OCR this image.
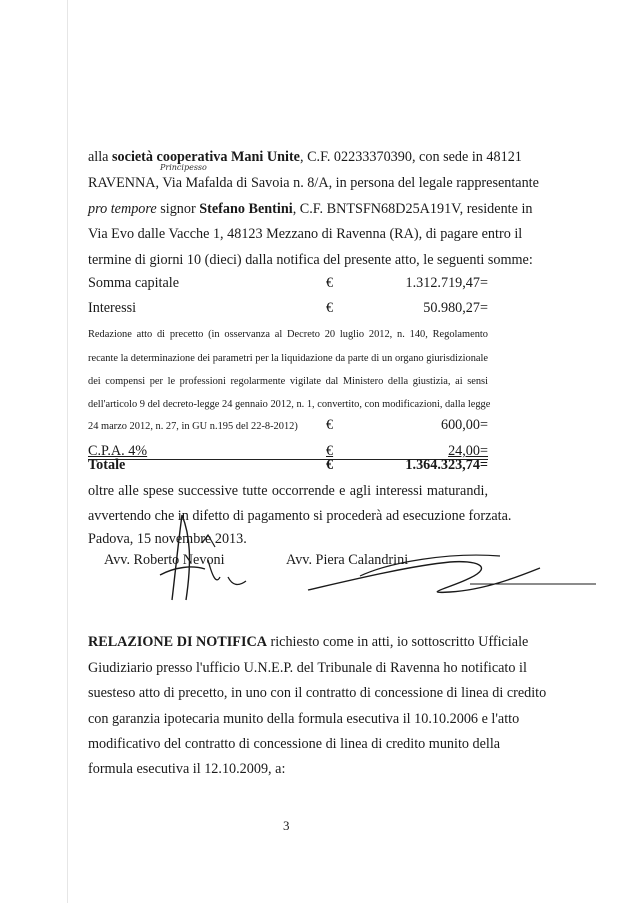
alla società cooperativa Mani Unite, C.F. 02233370390, con sede in 48121
Principesso
RAVENNA, Via Mafalda di Savoia n. 8/A, in persona del legale rappresentante
pro tempore signor Stefano Bentini, C.F. BNTSFN68D25A191V, residente in
Via Evo dalle Vacche 1, 48123 Mezzano di Ravenna (RA), di pagare entro il
termine di giorni 10 (dieci) dalla notifica del presente atto, le seguenti somme:
Somma capitale	€	1.312.719,47=
Interessi	€	50.980,27=
Redazione atto di precetto (in osservanza al Decreto 20 luglio 2012, n. 140, Regolamento
recante la determinazione dei parametri per la liquidazione da parte di un organo giurisdizionale
dei compensi per le professioni regolarmente vigilate dal Ministero della giustizia, ai sensi
dell'articolo 9 del decreto-legge 24 gennaio 2012, n. 1, convertito, con modificazioni, dalla legge
24 marzo 2012, n. 27, in GU n.195 del 22-8-2012) €	600,00=
C.P.A. 4%	€	24,00=
Totale	€	1.364.323,74=
oltre alle spese successive tutte occorrende e agli interessi maturandi,
avvertendo che in difetto di pagamento si procederà ad esecuzione forzata.
Padova, 15 novembre 2013.
Avv. Roberto Nevoni	Avv. Piera Calandrini
RELAZIONE DI NOTIFICA richiesto come in atti, io sottoscritto Ufficiale
Giudiziario presso l'ufficio U.N.E.P. del Tribunale di Ravenna ho notificato il
suesteso atto di precetto, in uno con il contratto di concessione di linea di credito
con garanzia ipotecaria munito della formula esecutiva il 10.10.2006 e l'atto
modificativo del contratto di concessione di linea di credito munito della
formula esecutiva il 12.10.2009, a:
3
